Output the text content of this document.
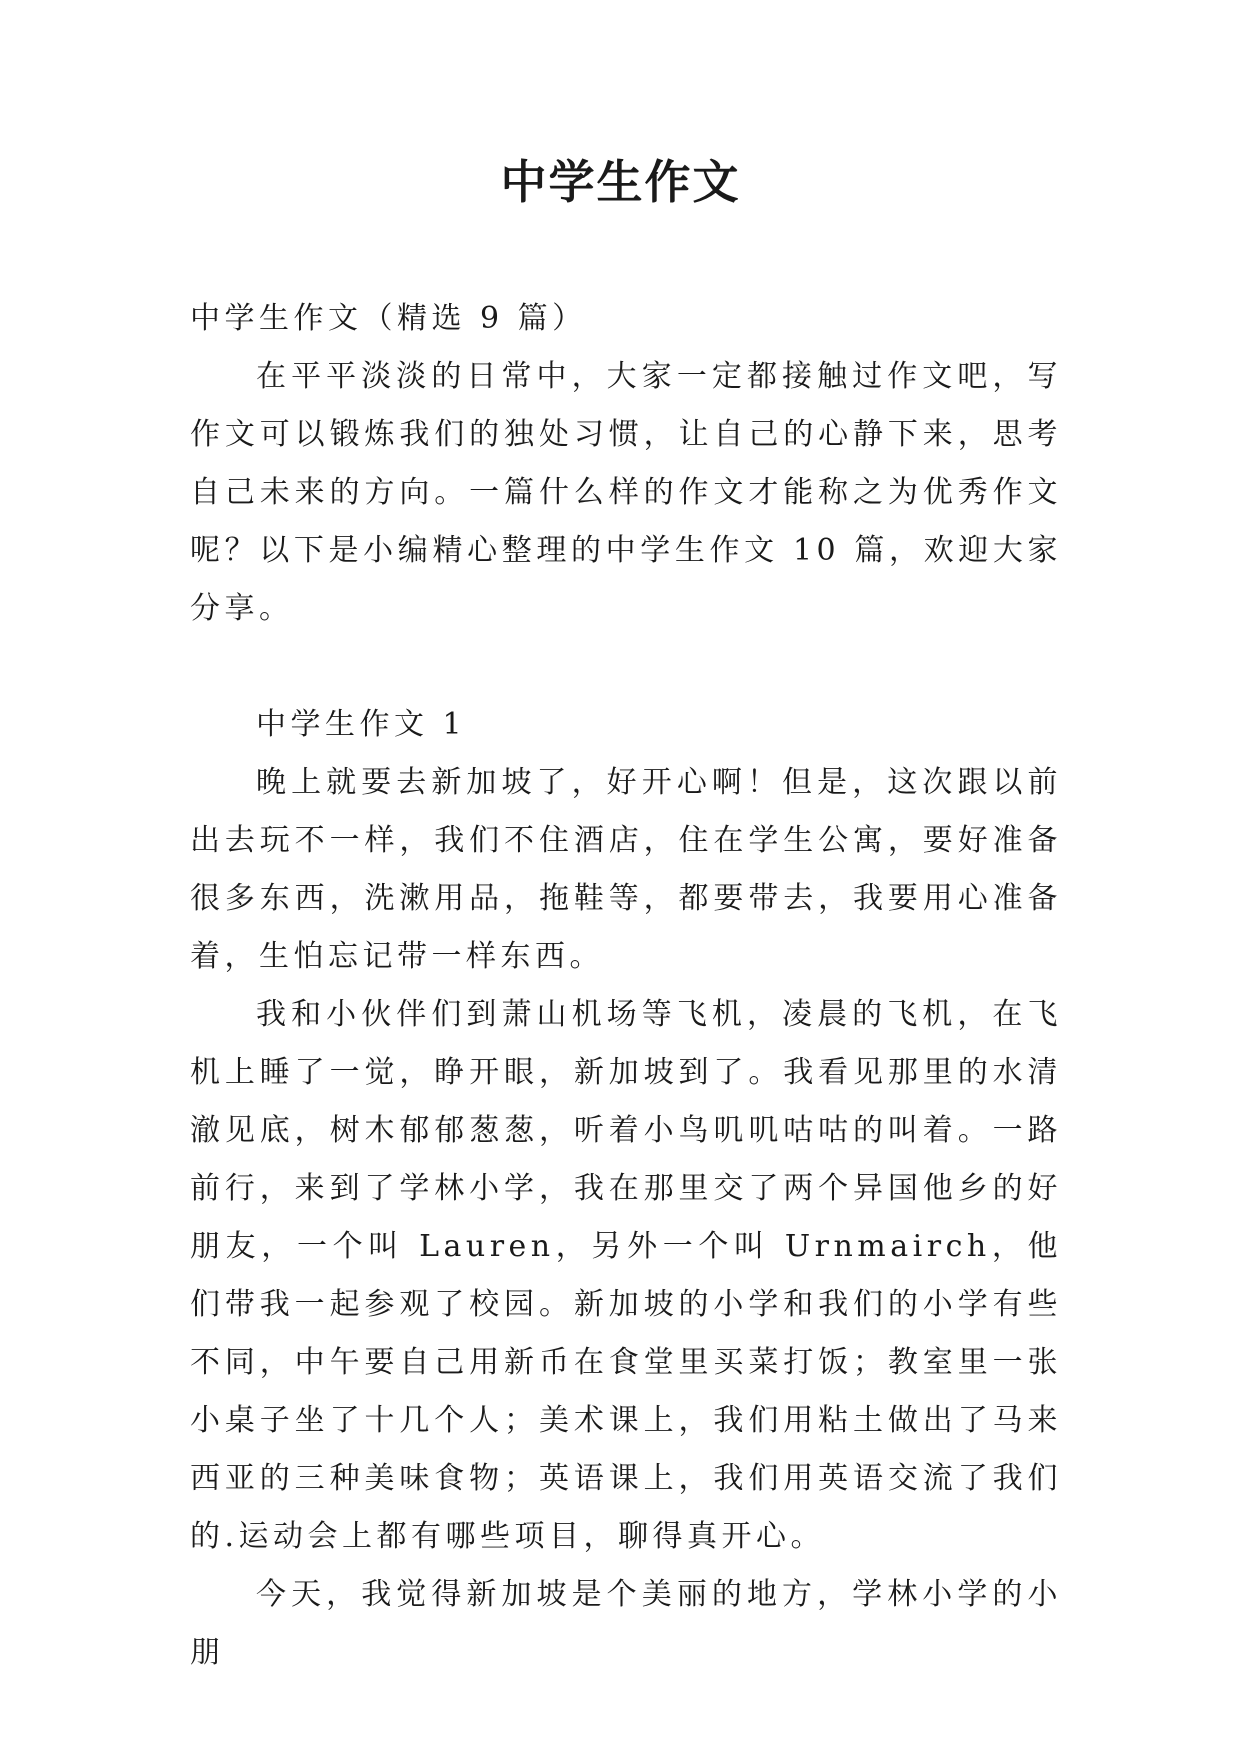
中学生作文

中学生作文（精选 9 篇）

在平平淡淡的日常中，大家一定都接触过作文吧，写作文可以锻炼我们的独处习惯，让自己的心静下来，思考自己未来的方向。一篇什么样的作文才能称之为优秀作文呢？以下是小编精心整理的中学生作文 10 篇，欢迎大家分享。

中学生作文 1

晚上就要去新加坡了，好开心啊！但是，这次跟以前出去玩不一样，我们不住酒店，住在学生公寓，要好准备很多东西，洗漱用品，拖鞋等，都要带去，我要用心准备着，生怕忘记带一样东西。

我和小伙伴们到萧山机场等飞机，凌晨的飞机，在飞机上睡了一觉，睁开眼，新加坡到了。我看见那里的水清澈见底，树木郁郁葱葱，听着小鸟叽叽咕咕的叫着。一路前行，来到了学林小学，我在那里交了两个异国他乡的好朋友，一个叫 Lauren，另外一个叫 Urnmairch，他们带我一起参观了校园。新加坡的小学和我们的小学有些不同，中午要自己用新币在食堂里买菜打饭；教室里一张小桌子坐了十几个人；美术课上，我们用粘土做出了马来西亚的三种美味食物；英语课上，我们用英语交流了我们的.运动会上都有哪些项目，聊得真开心。

今天，我觉得新加坡是个美丽的地方，学林小学的小朋
